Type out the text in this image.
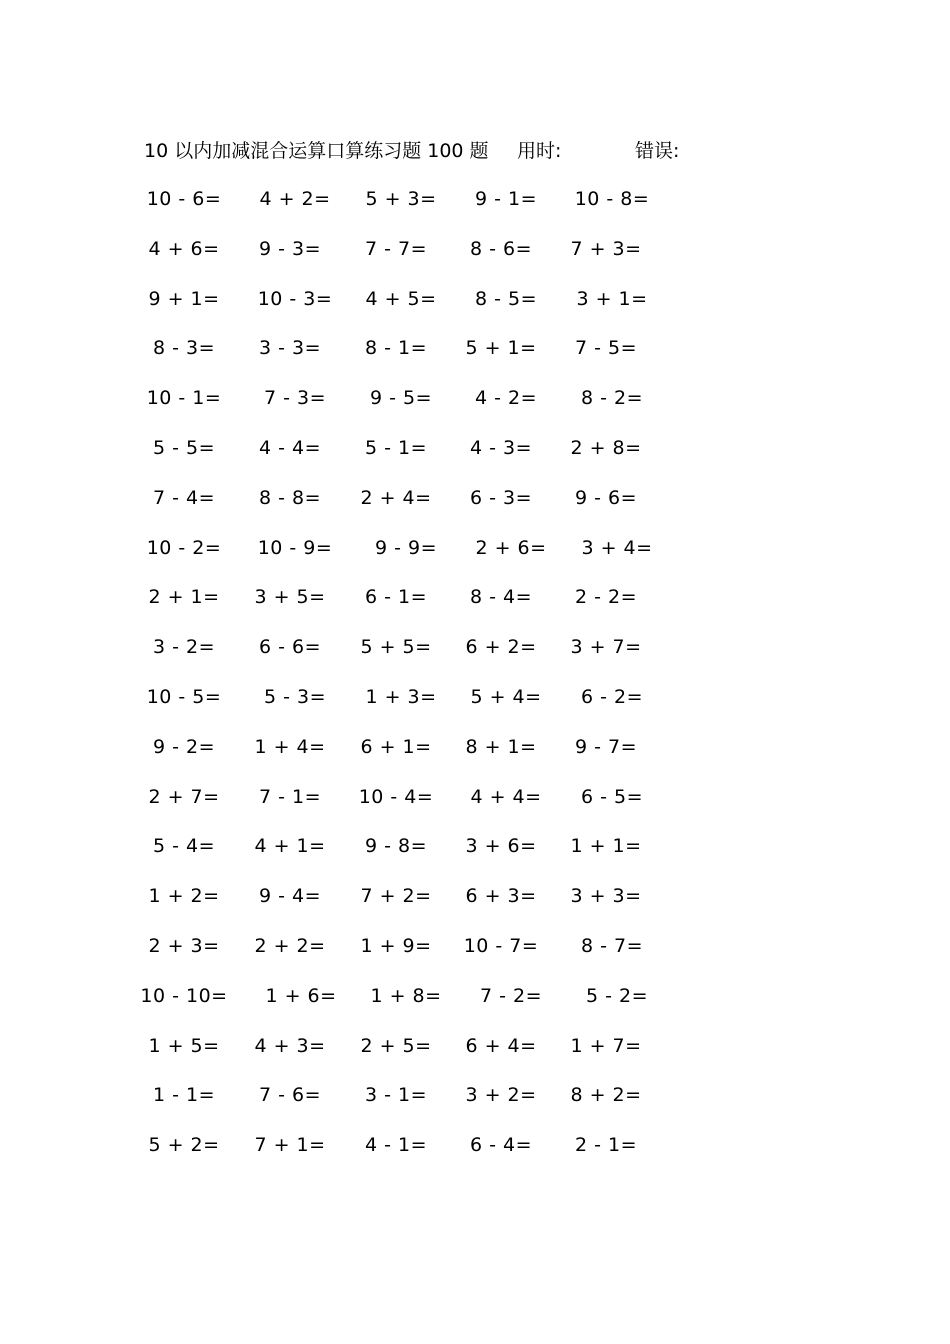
10 以内加减混合运算口算练习题 100 题 用时:	错误:
10 - 6=	4 + 2=	5 + 3=	9 - 1=	10 - 8=
4 + 6=	9 - 3=	7 - 7=	8 - 6=	7 + 3=
9 + 1=	10 - 3=	4 + 5=	8 - 5=	3 + 1=
8 - 3=	3 - 3=	8 - 1=	5 + 1=	7 - 5=
10 - 1=	7 - 3=	9 - 5=	4 - 2=	8 - 2=
5 - 5=	4 - 4=	5 - 1=	4 - 3=	2 + 8=
7 - 4=	8 - 8=	2 + 4=	6 - 3=	9 - 6=
10 - 2=	10 - 9=	9 - 9=	2 + 6=	3 + 4=
2 + 1=	3 + 5=	6 - 1=	8 - 4=	2 - 2=
3 - 2=	6 - 6=	5 + 5=	6 + 2=	3 + 7=
10 - 5=	5 - 3=	1 + 3=	5 + 4=	6 - 2=
9 - 2=	1 + 4=	6 + 1=	8 + 1=	9 - 7=
2 + 7=	7 - 1=	10 - 4=	4 + 4=	6 - 5=
5 - 4=	4 + 1=	9 - 8=	3 + 6=	1 + 1=
1 + 2=	9 - 4=	7 + 2=	6 + 3=	3 + 3=
2 + 3=	2 + 2=	1 + 9=	10 - 7=	8 - 7=
10 - 10=	1 + 6=	1 + 8=	7 - 2=	5 - 2=
1 + 5=	4 + 3=	2 + 5=	6 + 4=	1 + 7=
1 - 1=	7 - 6=	3 - 1=	3 + 2=	8 + 2=
5 + 2=	7 + 1=	4 - 1=	6 - 4=	2 - 1=
